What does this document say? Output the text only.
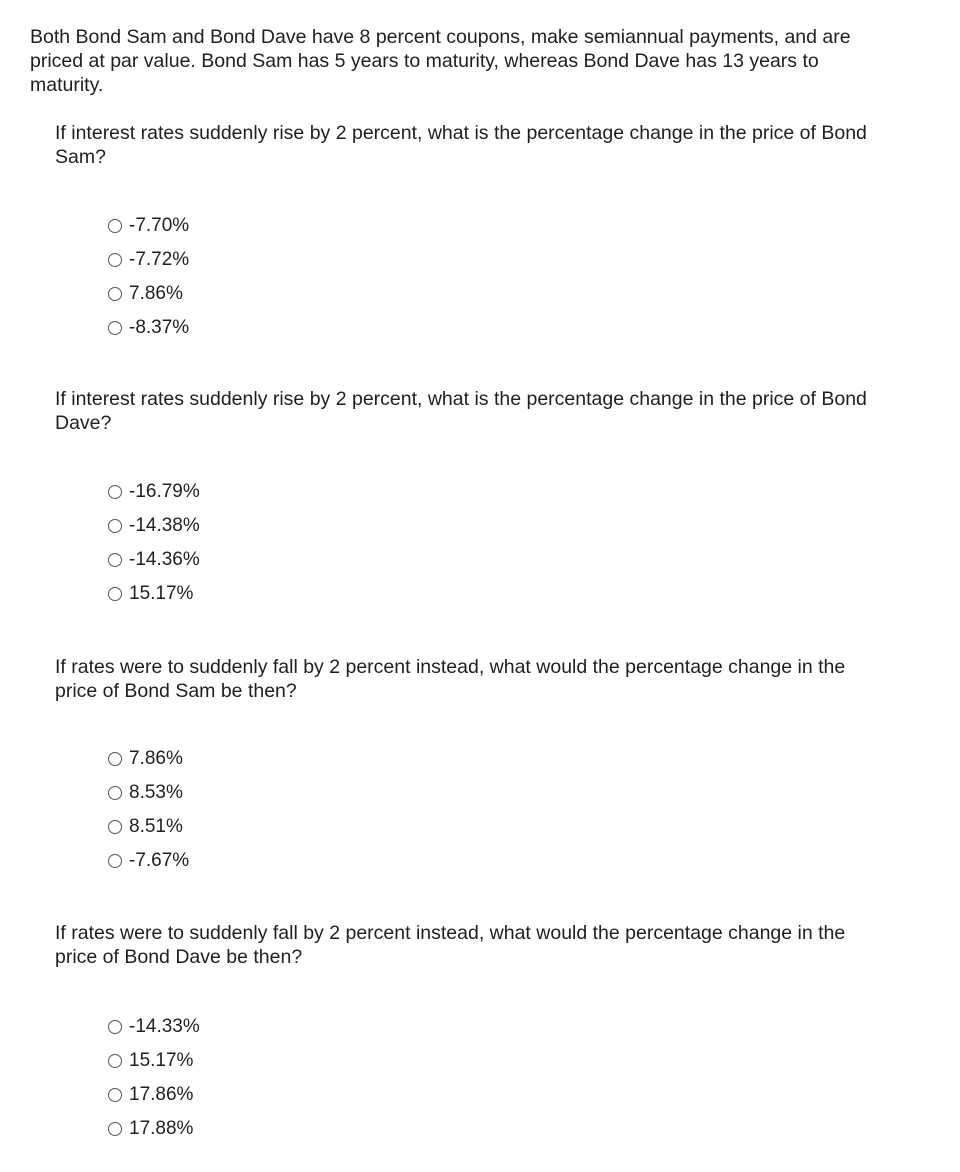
Both Bond Sam and Bond Dave have 8 percent coupons, make semiannual payments, and are priced at par value. Bond Sam has 5 years to maturity, whereas Bond Dave has 13 years to maturity.

If interest rates suddenly rise by 2 percent, what is the percentage change in the price of Bond Sam?

-7.70%
-7.72%
7.86%
-8.37%

If interest rates suddenly rise by 2 percent, what is the percentage change in the price of Bond Dave?

-16.79%
-14.38%
-14.36%
15.17%

If rates were to suddenly fall by 2 percent instead, what would the percentage change in the price of Bond Sam be then?

7.86%
8.53%
8.51%
-7.67%

If rates were to suddenly fall by 2 percent instead, what would the percentage change in the price of Bond Dave be then?

-14.33%
15.17%
17.86%
17.88%
